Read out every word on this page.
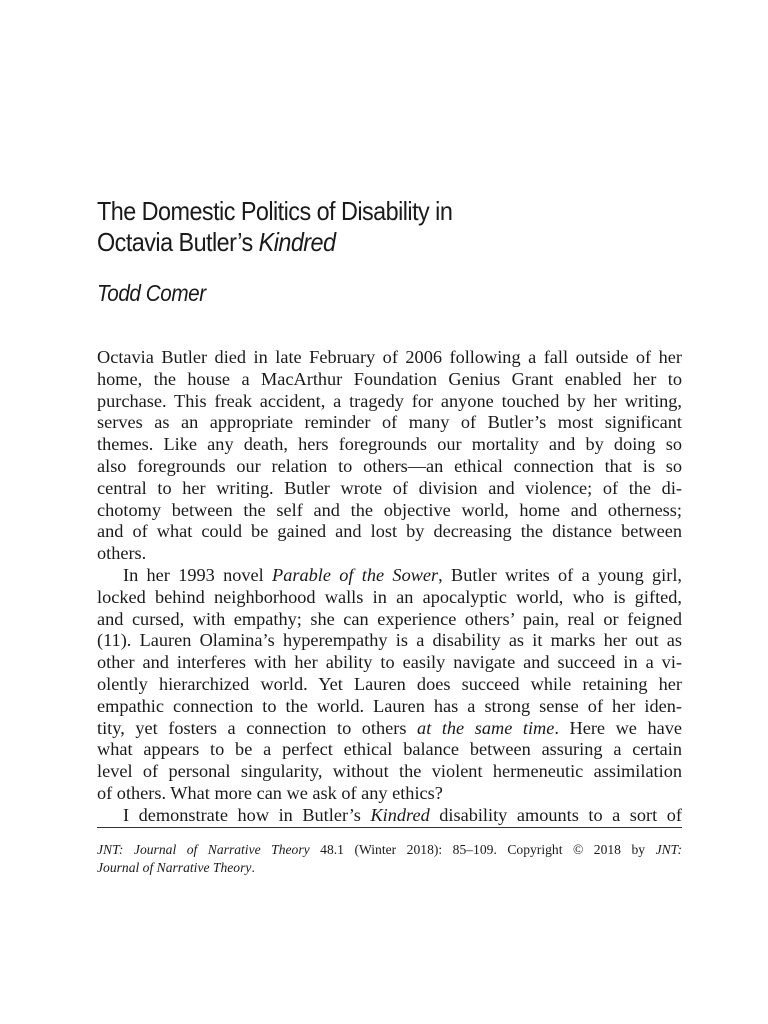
The Domestic Politics of Disability in
Octavia Butler’s Kindred
Todd Comer
Octavia Butler died in late February of 2006 following a fall outside of her
home, the house a MacArthur Foundation Genius Grant enabled her to
purchase. This freak accident, a tragedy for anyone touched by her writing,
serves as an appropriate reminder of many of Butler’s most significant
themes. Like any death, hers foregrounds our mortality and by doing so
also foregrounds our relation to others—an ethical connection that is so
central to her writing. Butler wrote of division and violence; of the di-
chotomy between the self and the objective world, home and otherness;
and of what could be gained and lost by decreasing the distance between
others.
In her 1993 novel Parable of the Sower, Butler writes of a young girl,
locked behind neighborhood walls in an apocalyptic world, who is gifted,
and cursed, with empathy; she can experience others’ pain, real or feigned
(11). Lauren Olamina’s hyperempathy is a disability as it marks her out as
other and interferes with her ability to easily navigate and succeed in a vi-
olently hierarchized world. Yet Lauren does succeed while retaining her
empathic connection to the world. Lauren has a strong sense of her iden-
tity, yet fosters a connection to others at the same time. Here we have
what appears to be a perfect ethical balance between assuring a certain
level of personal singularity, without the violent hermeneutic assimilation
of others. What more can we ask of any ethics?
I demonstrate how in Butler’s Kindred disability amounts to a sort of
JNT: Journal of Narrative Theory 48.1 (Winter 2018): 85–109. Copyright © 2018 by JNT:
Journal of Narrative Theory.
